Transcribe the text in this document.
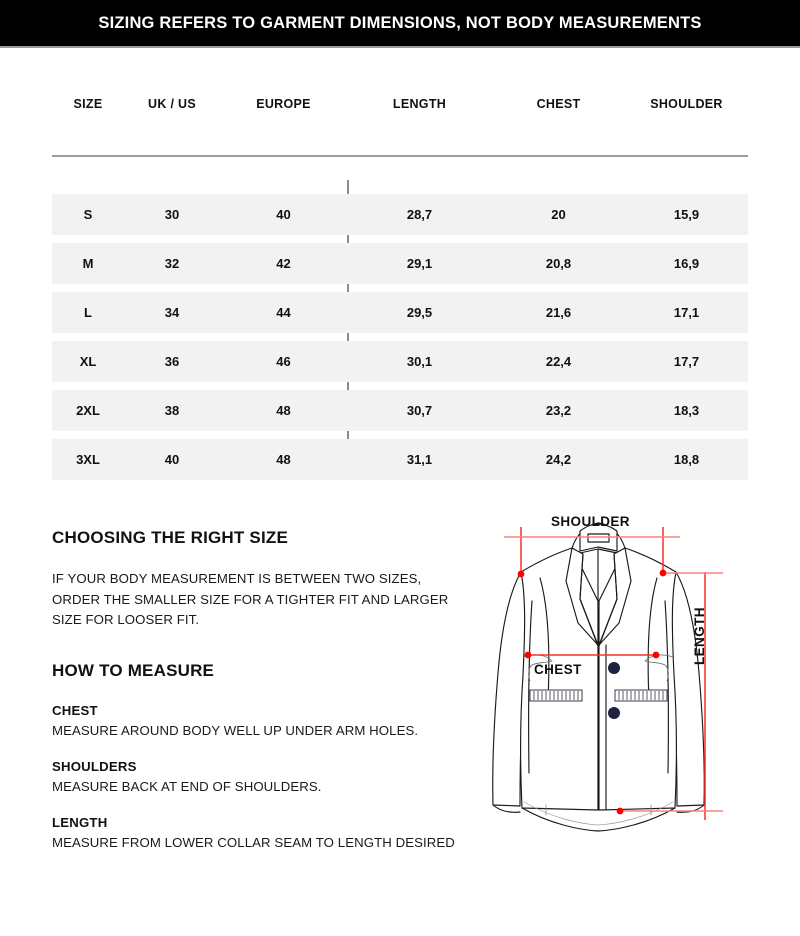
SIZING REFERS TO GARMENT DIMENSIONS, NOT BODY MEASUREMENTS
SIZE	UK / US	EUROPE	LENGTH	CHEST	SHOULDER
S	30	40	28,7	20	15,9
M	32	42	29,1	20,8	16,9
L	34	44	29,5	21,6	17,1
XL	36	46	30,1	22,4	17,7
2XL	38	48	30,7	23,2	18,3
3XL	40	48	31,1	24,2	18,8
CHOOSING THE RIGHT SIZE
IF YOUR BODY MEASUREMENT IS BETWEEN TWO SIZES, ORDER THE SMALLER SIZE FOR A TIGHTER FIT AND LARGER SIZE FOR LOOSER FIT.
HOW TO MEASURE
CHEST
MEASURE AROUND BODY WELL UP UNDER ARM HOLES.
SHOULDERS
MEASURE BACK AT END OF SHOULDERS.
LENGTH
MEASURE FROM LOWER COLLAR SEAM TO LENGTH DESIRED
SHOULDER
CHEST
LENGTH
